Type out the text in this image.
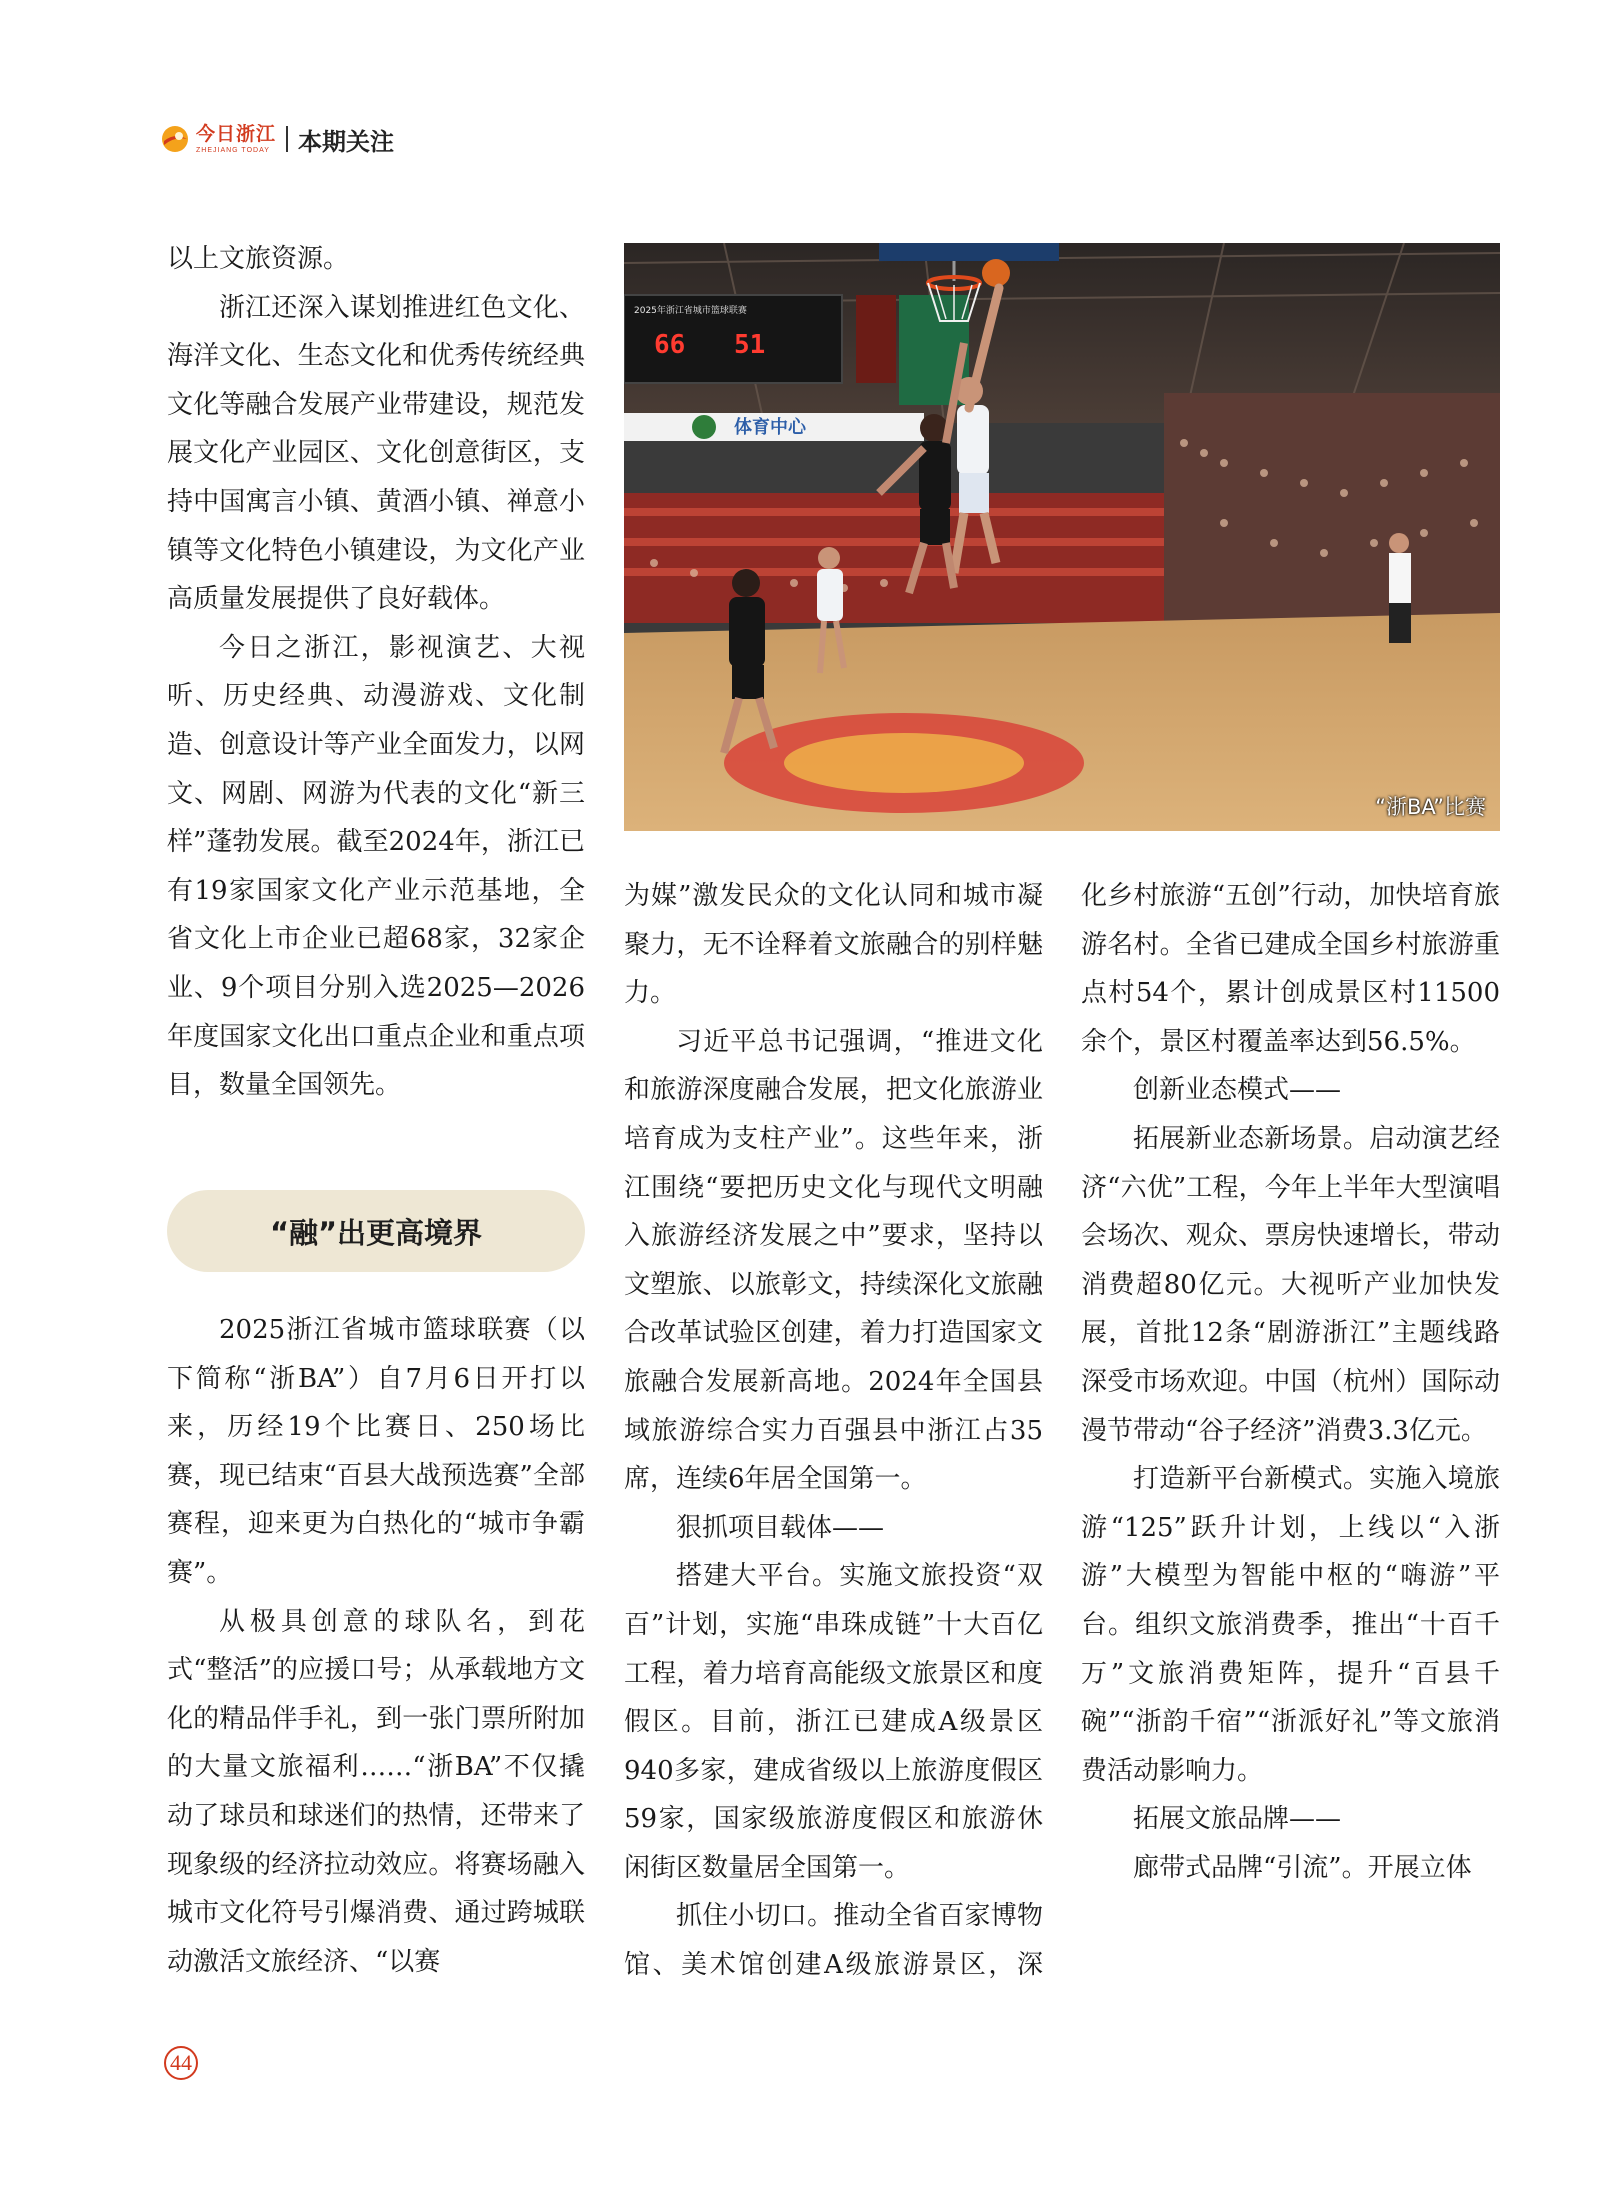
今日浙江
ZHEJIANG TODAY 本期关注

以上文旅资源。

浙江还深入谋划推进红色文化、海洋文化、生态文化和优秀传统经典文化等融合发展产业带建设，规范发展文化产业园区、文化创意街区，支持中国寓言小镇、黄酒小镇、禅意小镇等文化特色小镇建设，为文化产业高质量发展提供了良好载体。

今日之浙江，影视演艺、大视听、历史经典、动漫游戏、文化制造、创意设计等产业全面发力，以网文、网剧、网游为代表的文化“新三样”蓬勃发展。截至2024年，浙江已有19家国家文化产业示范基地，全省文化上市企业已超68家，32家企业、9个项目分别入选2025—2026年度国家文化出口重点企业和重点项目，数量全国领先。

“融”出更高境界

2025浙江省城市篮球联赛（以下简称“浙BA”）自7月6日开打以来，历经19个比赛日、250场比赛，现已结束“百县大战预选赛”全部赛程，迎来更为白热化的“城市争霸赛”。

从极具创意的球队名，到花式“整活”的应援口号；从承载地方文化的精品伴手礼，到一张门票所附加的大量文旅福利……“浙BA”不仅撬动了球员和球迷们的热情，还带来了现象级的经济拉动效应。将赛场融入城市文化符号引爆消费、通过跨城联动激活文旅经济、“以赛

2025年浙江省城市篮球联赛
66 51
体育中心
“浙BA”比赛

为媒”激发民众的文化认同和城市凝聚力，无不诠释着文旅融合的别样魅力。

习近平总书记强调，“推进文化和旅游深度融合发展，把文化旅游业培育成为支柱产业”。这些年来，浙江围绕“要把历史文化与现代文明融入旅游经济发展之中”要求，坚持以文塑旅、以旅彰文，持续深化文旅融合改革试验区创建，着力打造国家文旅融合发展新高地。2024年全国县域旅游综合实力百强县中浙江占35席，连续6年居全国第一。

狠抓项目载体——

搭建大平台。实施文旅投资“双百”计划，实施“串珠成链”十大百亿工程，着力培育高能级文旅景区和度假区。目前，浙江已建成A级景区940多家，建成省级以上旅游度假区59家，国家级旅游度假区和旅游休闲街区数量居全国第一。

抓住小切口。推动全省百家博物馆、美术馆创建A级旅游景区，深

化乡村旅游“五创”行动，加快培育旅游名村。全省已建成全国乡村旅游重点村54个，累计创成景区村11500余个，景区村覆盖率达到56.5%。

创新业态模式——

拓展新业态新场景。启动演艺经济“六优”工程，今年上半年大型演唱会场次、观众、票房快速增长，带动消费超80亿元。大视听产业加快发展，首批12条“剧游浙江”主题线路深受市场欢迎。中国（杭州）国际动漫节带动“谷子经济”消费3.3亿元。

打造新平台新模式。实施入境旅游“125”跃升计划，上线以“入浙游”大模型为智能中枢的“嗨游”平台。组织文旅消费季，推出“十百千万”文旅消费矩阵，提升“百县千碗”“浙韵千宿”“浙派好礼”等文旅消费活动影响力。

拓展文旅品牌——

廊带式品牌“引流”。开展立体

44
